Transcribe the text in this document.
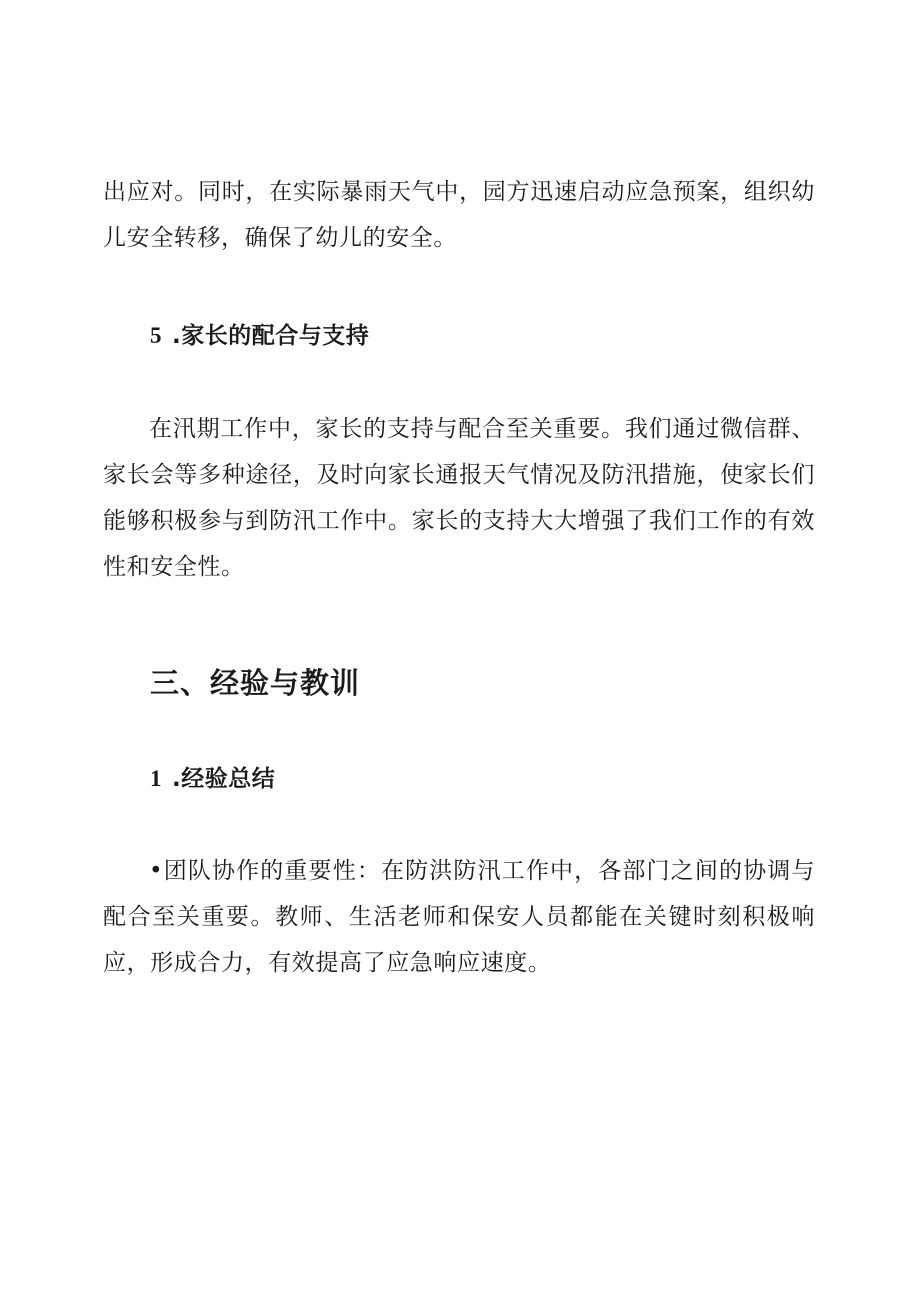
出应对。同时，在实际暴雨天气中，园方迅速启动应急预案，组织幼儿安全转移，确保了幼儿的安全。

5 .家长的配合与支持

在汛期工作中，家长的支持与配合至关重要。我们通过微信群、家长会等多种途径，及时向家长通报天气情况及防汛措施，使家长们能够积极参与到防汛工作中。家长的支持大大增强了我们工作的有效性和安全性。

三、经验与教训
1 .经验总结

•团队协作的重要性：在防洪防汛工作中，各部门之间的协调与配合至关重要。教师、生活老师和保安人员都能在关键时刻积极响应，形成合力，有效提高了应急响应速度。
